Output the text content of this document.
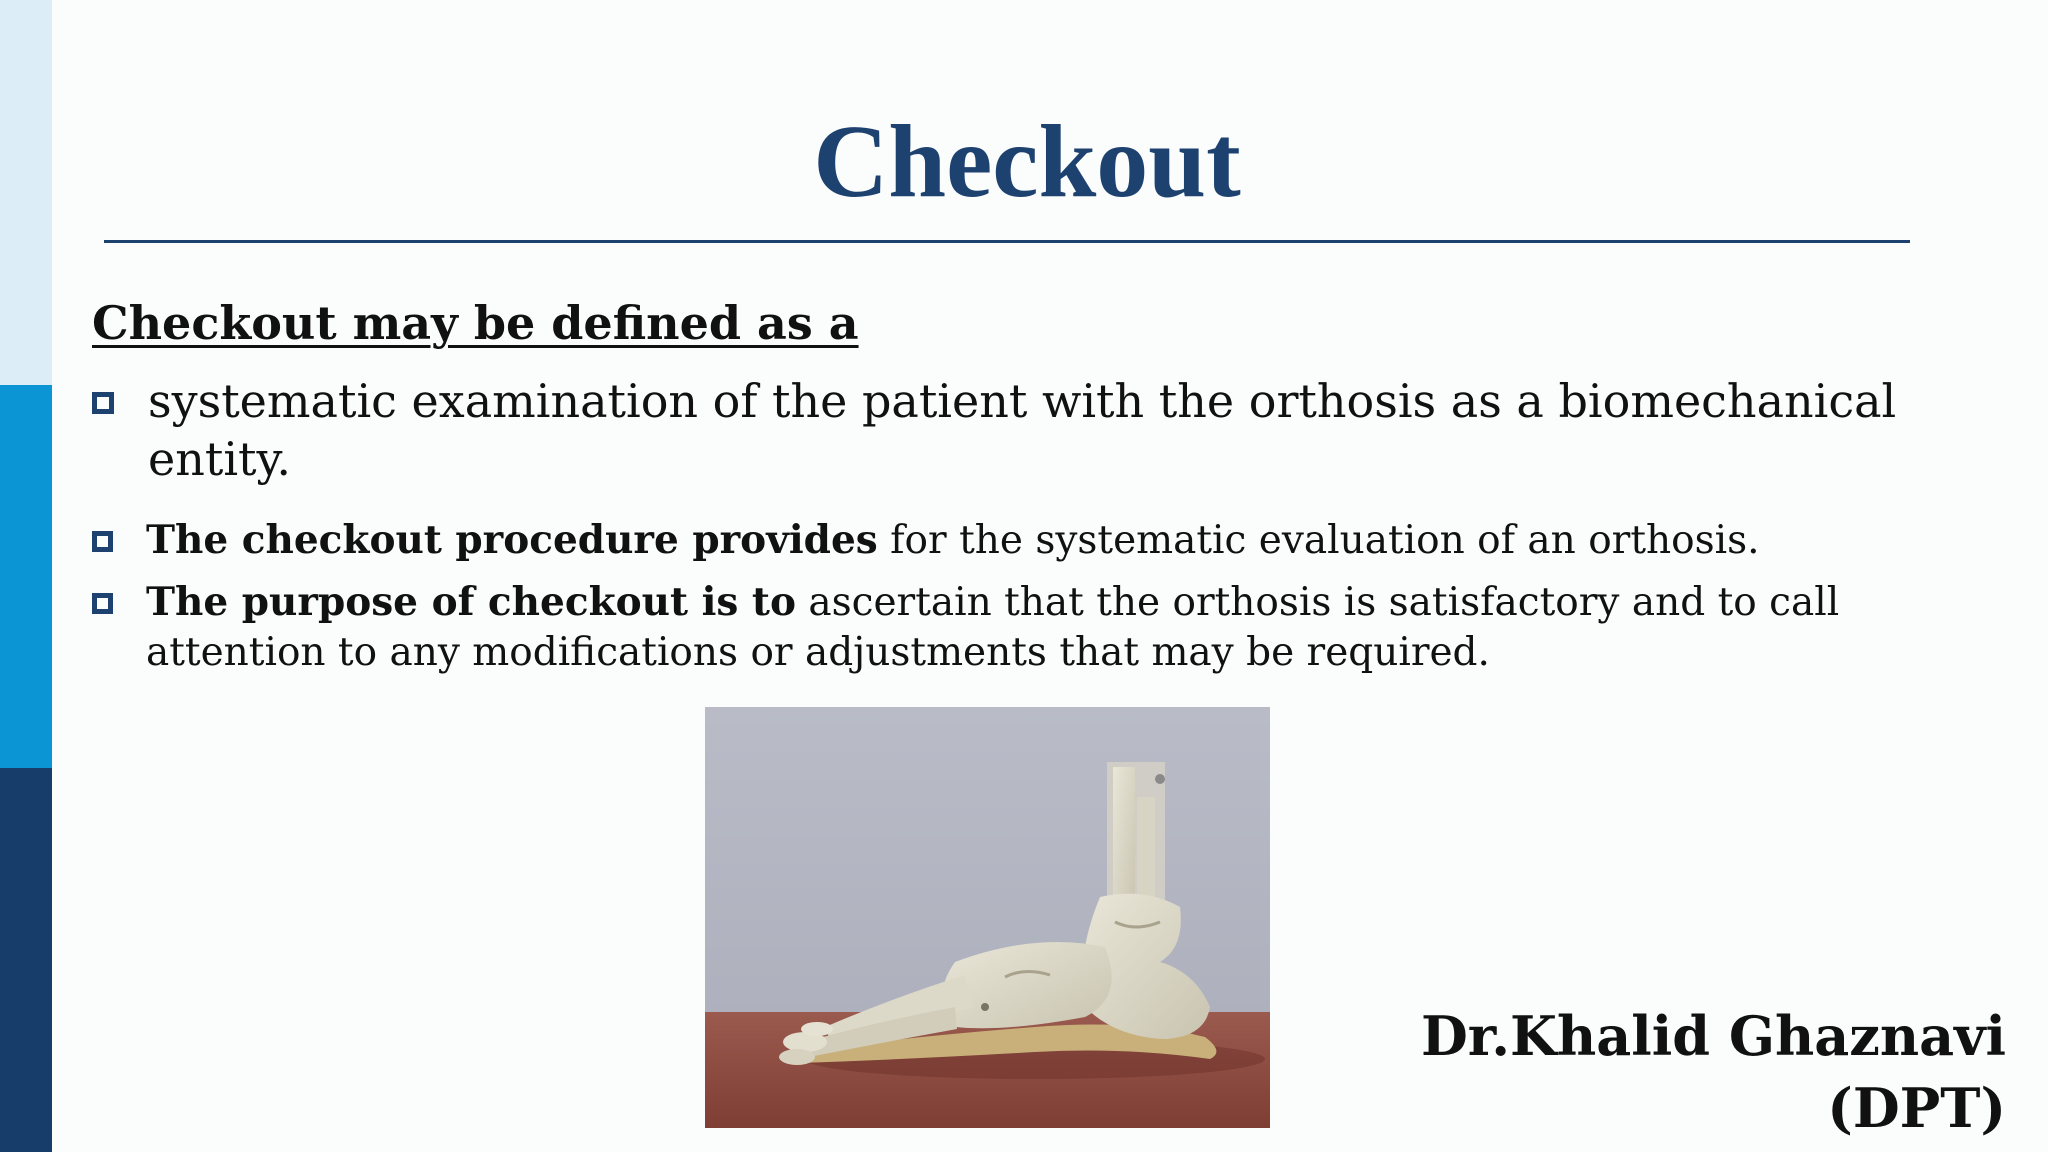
Checkout
Checkout may be defined as a
systematic examination of the patient with the orthosis as a biomechanical entity.
The checkout procedure provides for the systematic evaluation of an orthosis.
The purpose of checkout is to ascertain that the orthosis is satisfactory and to call attention to any modifications or adjustments that may be required.
Dr.Khalid Ghaznavi
(DPT)
